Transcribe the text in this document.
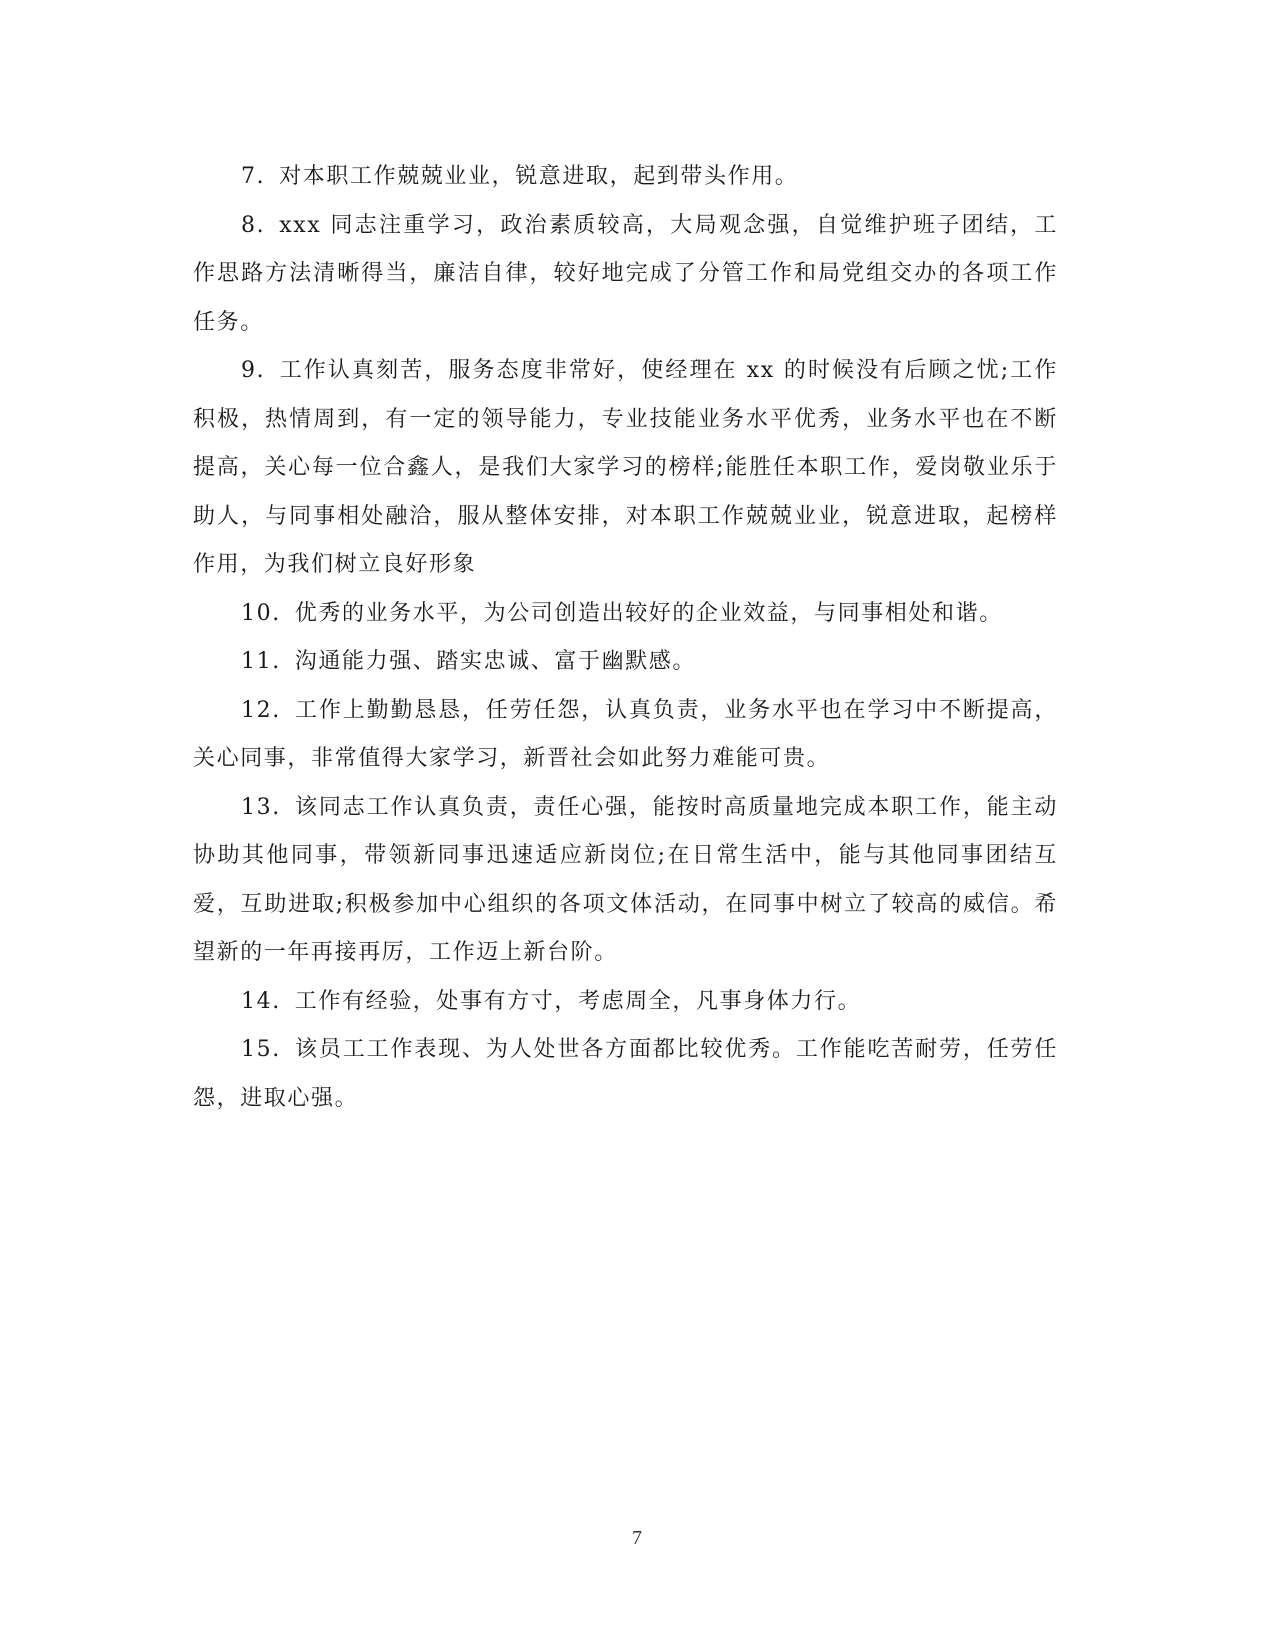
7. 对本职工作兢兢业业，锐意进取，起到带头作用。

8. xxx 同志注重学习，政治素质较高，大局观念强，自觉维护班子团结，工作思路方法清晰得当，廉洁自律，较好地完成了分管工作和局党组交办的各项工作任务。

9. 工作认真刻苦，服务态度非常好，使经理在 xx 的时候没有后顾之忧;工作积极，热情周到，有一定的领导能力，专业技能业务水平优秀，业务水平也在不断提高，关心每一位合鑫人，是我们大家学习的榜样;能胜任本职工作，爱岗敬业乐于助人，与同事相处融洽，服从整体安排，对本职工作兢兢业业，锐意进取，起榜样作用，为我们树立良好形象

10. 优秀的业务水平，为公司创造出较好的企业效益，与同事相处和谐。

11. 沟通能力强、踏实忠诚、富于幽默感。

12. 工作上勤勤恳恳，任劳任怨，认真负责，业务水平也在学习中不断提高，关心同事，非常值得大家学习，新晋社会如此努力难能可贵。

13. 该同志工作认真负责，责任心强，能按时高质量地完成本职工作，能主动协助其他同事，带领新同事迅速适应新岗位;在日常生活中，能与其他同事团结互爱，互助进取;积极参加中心组织的各项文体活动，在同事中树立了较高的威信。希望新的一年再接再厉，工作迈上新台阶。

14. 工作有经验，处事有方寸，考虑周全，凡事身体力行。

15. 该员工工作表现、为人处世各方面都比较优秀。工作能吃苦耐劳，任劳任怨，进取心强。

7
